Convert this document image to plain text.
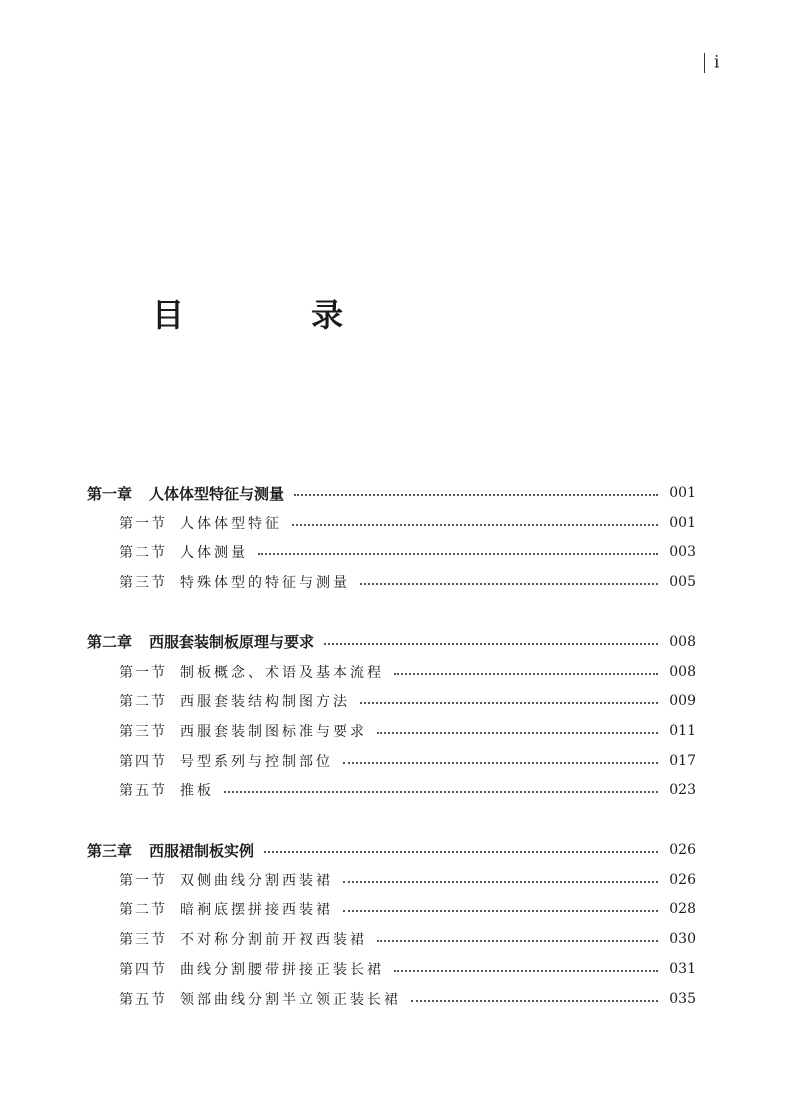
i
目 录
第一章 人体体型特征与测量	001
第一节 人体体型特征	001
第二节 人体测量	003
第三节 特殊体型的特征与测量	005
第二章 西服套装制板原理与要求	008
第一节 制板概念、术语及基本流程	008
第二节 西服套装结构制图方法	009
第三节 西服套装制图标准与要求	011
第四节 号型系列与控制部位	017
第五节 推板	023
第三章 西服裙制板实例	026
第一节 双侧曲线分割西装裙	026
第二节 暗裥底摆拼接西装裙	028
第三节 不对称分割前开衩西装裙	030
第四节 曲线分割腰带拼接正装长裙	031
第五节 领部曲线分割半立领正装长裙	035
